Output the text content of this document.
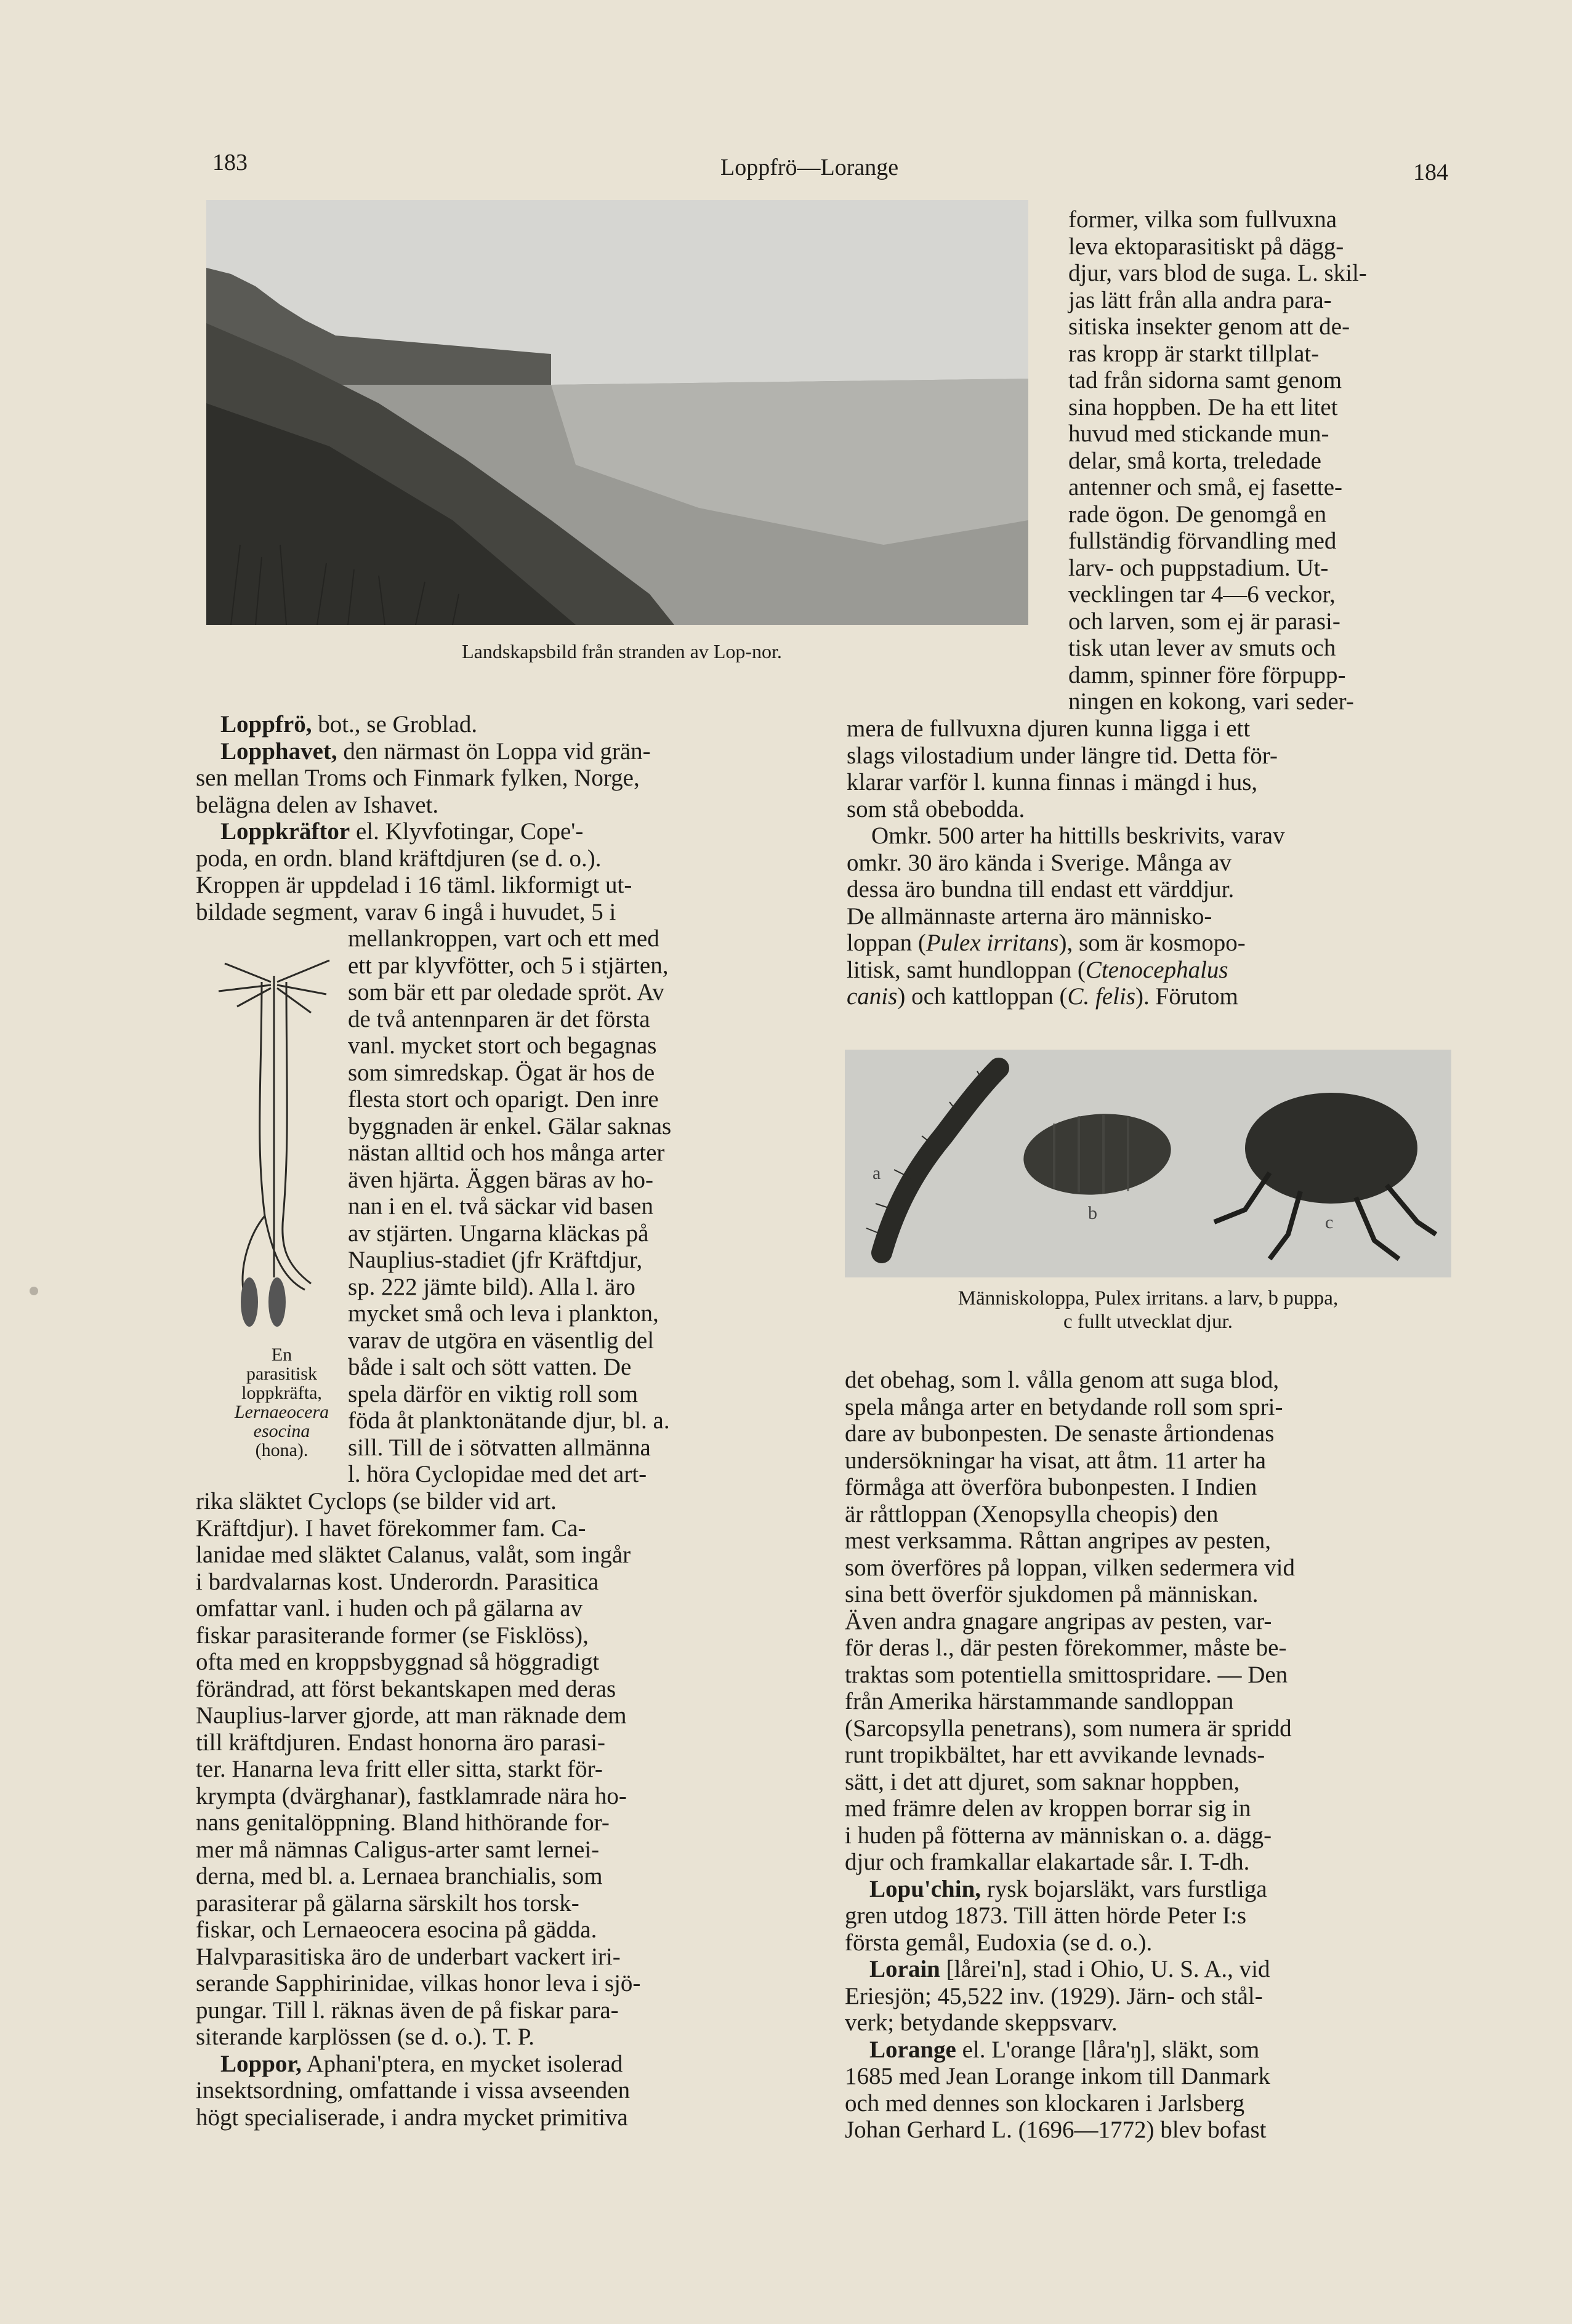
183	Loppfrö—Lorange	184
Landskapsbild från stranden av Lop-nor.

former, vilka som fullvuxna

leva ektoparasitiskt på dägg-

djur, vars blod de suga. L. skil-

jas lätt från alla andra para-

sitiska insekter genom att de-

ras kropp är starkt tillplat-

tad från sidorna samt genom

sina hoppben. De ha ett litet

huvud med stickande mun-

delar, små korta, treledade

antenner och små, ej fasette-

rade ögon. De genomgå en

fullständig förvandling med

larv- och puppstadium. Ut-

vecklingen tar 4—6 veckor,

och larven, som ej är parasi-

tisk utan lever av smuts och

damm, spinner före förpupp-

ningen en kokong, vari seder-

mera de fullvuxna djuren kunna ligga i ett

slags vilostadium under längre tid. Detta för-

klarar varför l. kunna finnas i mängd i hus,

som stå obebodda.

Omkr. 500 arter ha hittills beskrivits, varav

omkr. 30 äro kända i Sverige. Många av

dessa äro bundna till endast ett värddjur.

De allmännaste arterna äro människo-

loppan (Pulex irritans), som är kosmopo-

litisk, samt hundloppan (Ctenocephalus

canis) och kattloppan (C. felis). Förutom

a
b	c
Människoloppa, Pulex irritans. a larv, b puppa,
c fullt utvecklat djur.

det obehag, som l. vålla genom att suga blod,

spela många arter en betydande roll som spri-

dare av bubonpesten. De senaste årtiondenas

undersökningar ha visat, att åtm. 11 arter ha

förmåga att överföra bubonpesten. I Indien

är råttloppan (Xenopsylla cheopis) den

mest verksamma. Råttan angripes av pesten,

som överföres på loppan, vilken sedermera vid

sina bett överför sjukdomen på människan.

Även andra gnagare angripas av pesten, var-

för deras l., där pesten förekommer, måste be-

traktas som potentiella smittospridare. — Den

från Amerika härstammande sandloppan

(Sarcopsylla penetrans), som numera är spridd

runt tropikbältet, har ett avvikande levnads-

sätt, i det att djuret, som saknar hoppben,

med främre delen av kroppen borrar sig in

i huden på fötterna av människan o. a. dägg-

djur och framkallar elakartade sår. I. T-dh.

Lopu'chin, rysk bojarsläkt, vars furstliga

gren utdog 1873. Till ätten hörde Peter I:s

första gemål, Eudoxia (se d. o.).

Lorain [lårei'n], stad i Ohio, U. S. A., vid

Eriesjön; 45,522 inv. (1929). Järn- och stål-

verk; betydande skeppsvarv.

Lorange el. L'orange [låra'ŋ], släkt, som

1685 med Jean Lorange inkom till Danmark

och med dennes son klockaren i Jarlsberg

Johan Gerhard L. (1696—1772) blev bofast

Loppfrö, bot., se Groblad.

Lopphavet, den närmast ön Loppa vid grän-

sen mellan Troms och Finmark fylken, Norge,

belägna delen av Ishavet.

Loppkräftor el. Klyvfotingar, Cope'-

poda, en ordn. bland kräftdjuren (se d. o.).

Kroppen är uppdelad i 16 täml. likformigt ut-

bildade segment, varav 6 ingå i huvudet, 5 i

En
parasitisk
loppkräfta,
Lernaeocera
esocina
(hona).

mellankroppen, vart och ett med

ett par klyvfötter, och 5 i stjärten,

som bär ett par oledade spröt. Av

de två antennparen är det första

vanl. mycket stort och begagnas

som simredskap. Ögat är hos de

flesta stort och oparigt. Den inre

byggnaden är enkel. Gälar saknas

nästan alltid och hos många arter

även hjärta. Äggen bäras av ho-

nan i en el. två säckar vid basen

av stjärten. Ungarna kläckas på

Nauplius-stadiet (jfr Kräftdjur,

sp. 222 jämte bild). Alla l. äro

mycket små och leva i plankton,

varav de utgöra en väsentlig del

både i salt och sött vatten. De

spela därför en viktig roll som

föda åt planktonätande djur, bl. a.

sill. Till de i sötvatten allmänna

l. höra Cyclopidae med det art-

rika släktet Cyclops (se bilder vid art.

Kräftdjur). I havet förekommer fam. Ca-

lanidae med släktet Calanus, valåt, som ingår

i bardvalarnas kost. Underordn. Parasitica

omfattar vanl. i huden och på gälarna av

fiskar parasiterande former (se Fisklöss),

ofta med en kroppsbyggnad så höggradigt

förändrad, att först bekantskapen med deras

Nauplius-larver gjorde, att man räknade dem

till kräftdjuren. Endast honorna äro parasi-

ter. Hanarna leva fritt eller sitta, starkt för-

krympta (dvärghanar), fastklamrade nära ho-

nans genitalöppning. Bland hithörande for-

mer må nämnas Caligus-arter samt lernei-

derna, med bl. a. Lernaea branchialis, som

parasiterar på gälarna särskilt hos torsk-

fiskar, och Lernaeocera esocina på gädda.

Halvparasitiska äro de underbart vackert iri-

serande Sapphirinidae, vilkas honor leva i sjö-

pungar. Till l. räknas även de på fiskar para-

siterande karplössen (se d. o.). T. P.

Loppor, Aphani'ptera, en mycket isolerad

insektsordning, omfattande i vissa avseenden

högt specialiserade, i andra mycket primitiva
